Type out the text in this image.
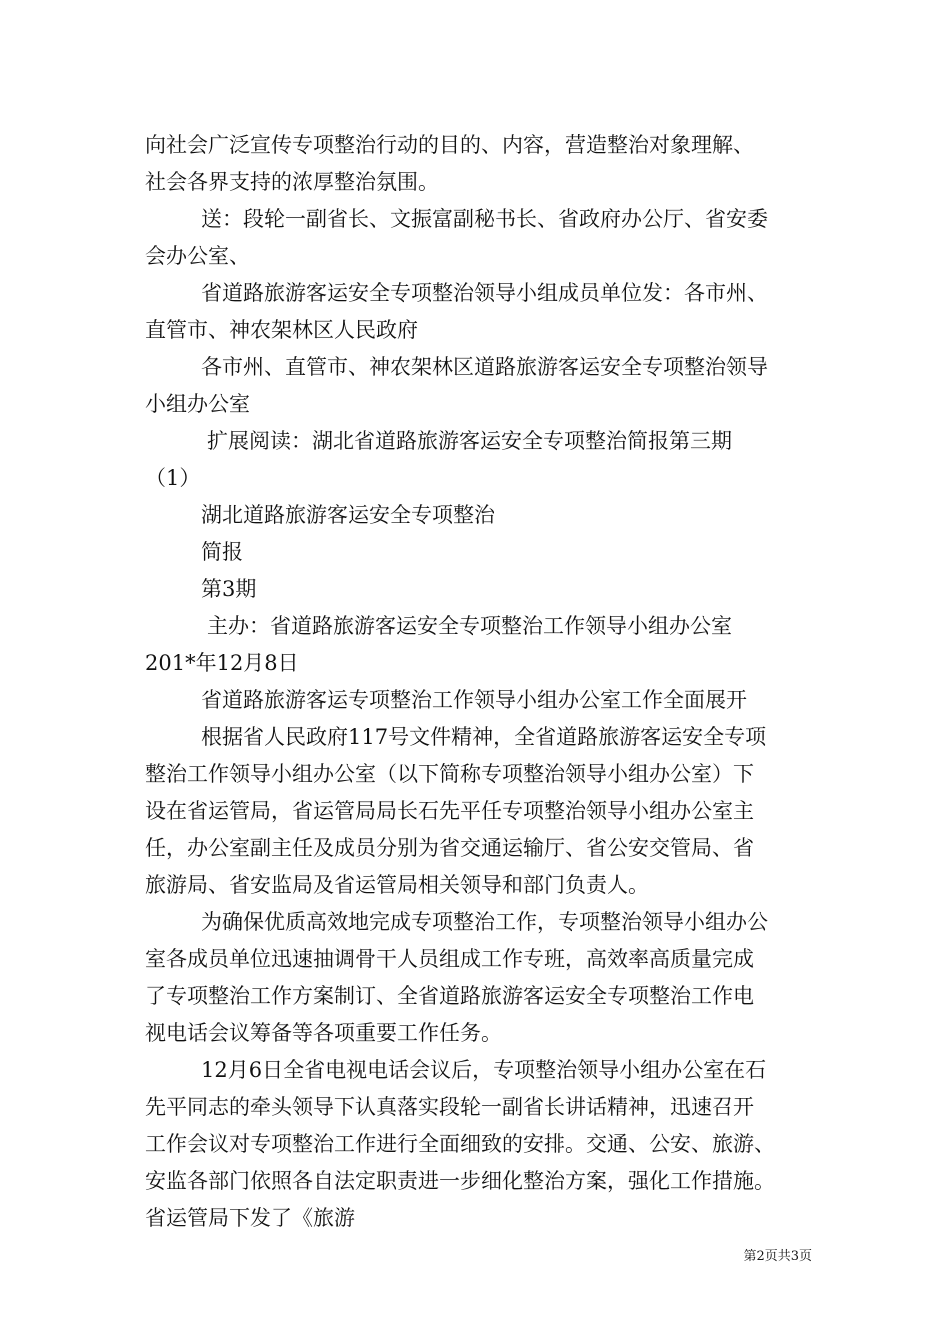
向社会广泛宣传专项整治行动的目的、内容，营造整治对象理解、
社会各界支持的浓厚整治氛围。
送：段轮一副省长、文振富副秘书长、省政府办公厅、省安委
会办公室、
省道路旅游客运安全专项整治领导小组成员单位发：各市州、
直管市、神农架林区人民政府
各市州、直管市、神农架林区道路旅游客运安全专项整治领导
小组办公室
扩展阅读：湖北省道路旅游客运安全专项整治简报第三期
（1）
湖北道路旅游客运安全专项整治
简报
第3期
主办：省道路旅游客运安全专项整治工作领导小组办公室
201*年12月8日
省道路旅游客运专项整治工作领导小组办公室工作全面展开
根据省人民政府117号文件精神，全省道路旅游客运安全专项
整治工作领导小组办公室（以下简称专项整治领导小组办公室）下
设在省运管局，省运管局局长石先平任专项整治领导小组办公室主
任，办公室副主任及成员分别为省交通运输厅、省公安交管局、省
旅游局、省安监局及省运管局相关领导和部门负责人。
为确保优质高效地完成专项整治工作，专项整治领导小组办公
室各成员单位迅速抽调骨干人员组成工作专班，高效率高质量完成
了专项整治工作方案制订、全省道路旅游客运安全专项整治工作电
视电话会议筹备等各项重要工作任务。
12月6日全省电视电话会议后，专项整治领导小组办公室在石
先平同志的牵头领导下认真落实段轮一副省长讲话精神，迅速召开
工作会议对专项整治工作进行全面细致的安排。交通、公安、旅游、
安监各部门依照各自法定职责进一步细化整治方案，强化工作措施。
省运管局下发了《旅游
第2页共3页
